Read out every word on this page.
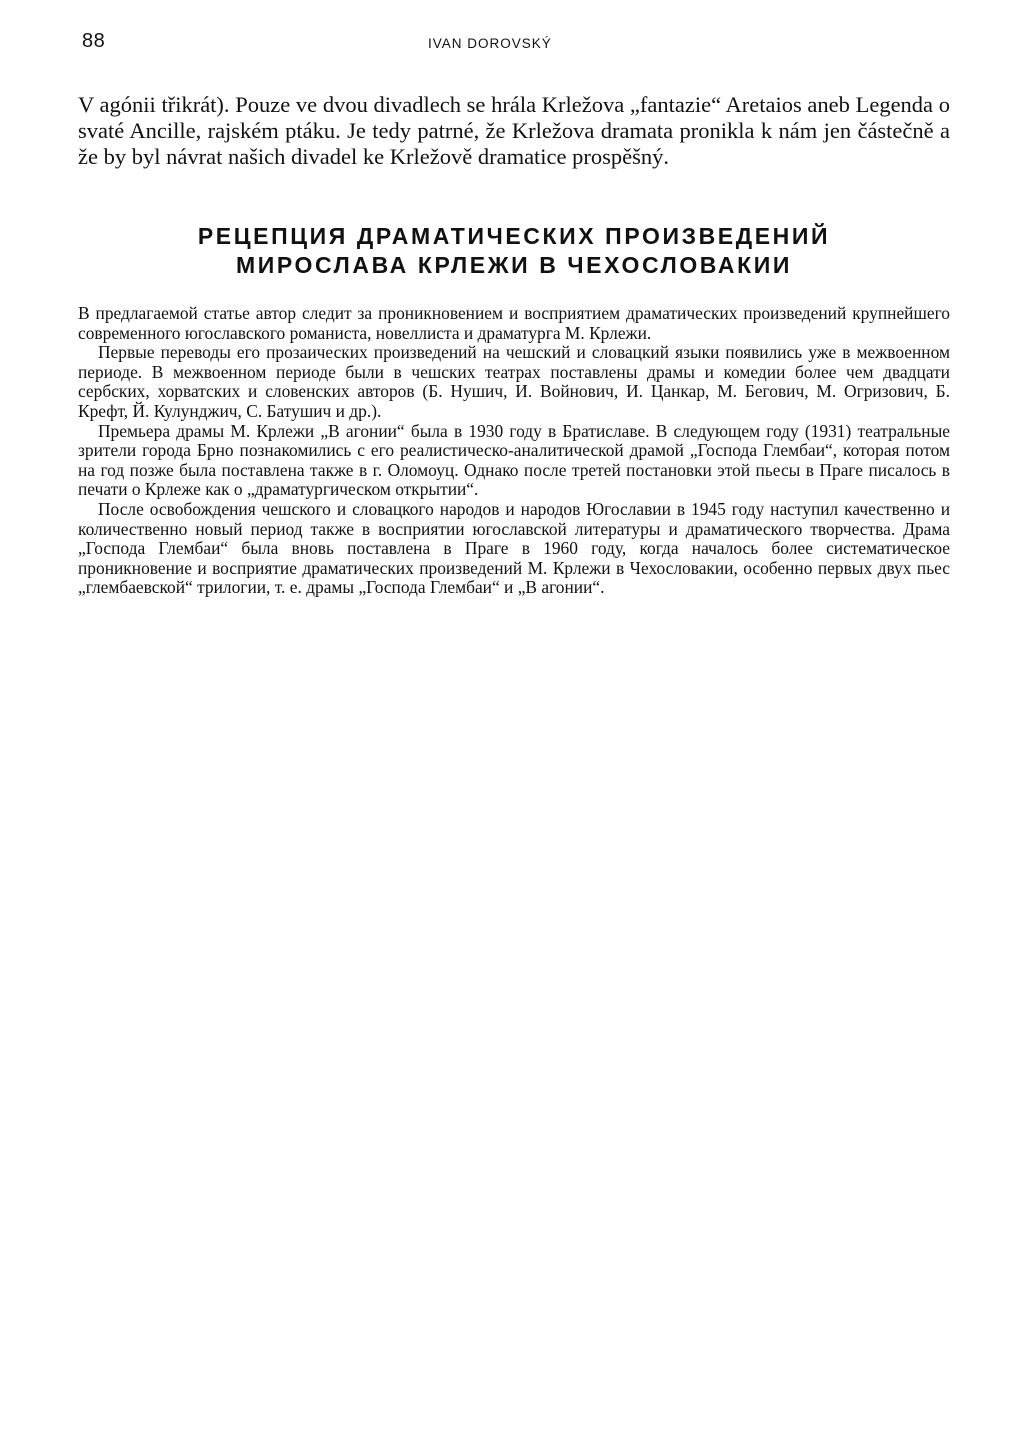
88	IVAN DOROVSKÝ

V agónii třikrát). Pouze ve dvou divadlech se hrála Krležova „fantazie“ Aretaios aneb Legenda o svaté Ancille, rajském ptáku. Je tedy patrné, že Krležova dramata pronikla k nám jen částečně a že by byl návrat našich divadel ke Krležově dramatice prospěšný.

РЕЦЕПЦИЯ ДРАМАТИЧЕСКИХ ПРОИЗВЕДЕНИЙ
МИРОСЛАВА КРЛЕЖИ В ЧЕХОСЛОВАКИИ

В предлагаемой статье автор следит за проникновением и восприятием драматических произведений крупнейшего современного югославского романиста, новеллиста и драматурга М. Крлежи.

Первые переводы его прозаических произведений на чешский и словацкий языки появились уже в межвоенном периоде. В межвоенном периоде были в чешских театрах поставлены драмы и комедии более чем двадцати сербских, хорватских и словенских авторов (Б. Нушич, И. Войнович, И. Цанкар, М. Бегович, М. Огризович, Б. Крефт, Й. Кулунджич, С. Батушич и др.).

Премьера драмы М. Крлежи „В агонии“ была в 1930 году в Братиславе. В следующем году (1931) театральные зрители города Брно познакомились с его реалистическо-аналитической драмой „Господа Глембаи“, которая потом на год позже была поставлена также в г. Оломоуц. Однако после третей постановки этой пьесы в Праге писалось в печати о Крлеже как о „драматургическом открытии“.

После освобождения чешского и словацкого народов и народов Югославии в 1945 году наступил качественно и количественно новый период также в восприятии югославской литературы и драматического творчества. Драма „Господа Глембаи“ была вновь поставлена в Праге в 1960 году, когда началось более систематическое проникновение и восприятие драматических произведений М. Крлежи в Чехословакии, особенно первых двух пьес „глембаевской“ трилогии, т. е. драмы „Господа Глембаи“ и „В агонии“.
